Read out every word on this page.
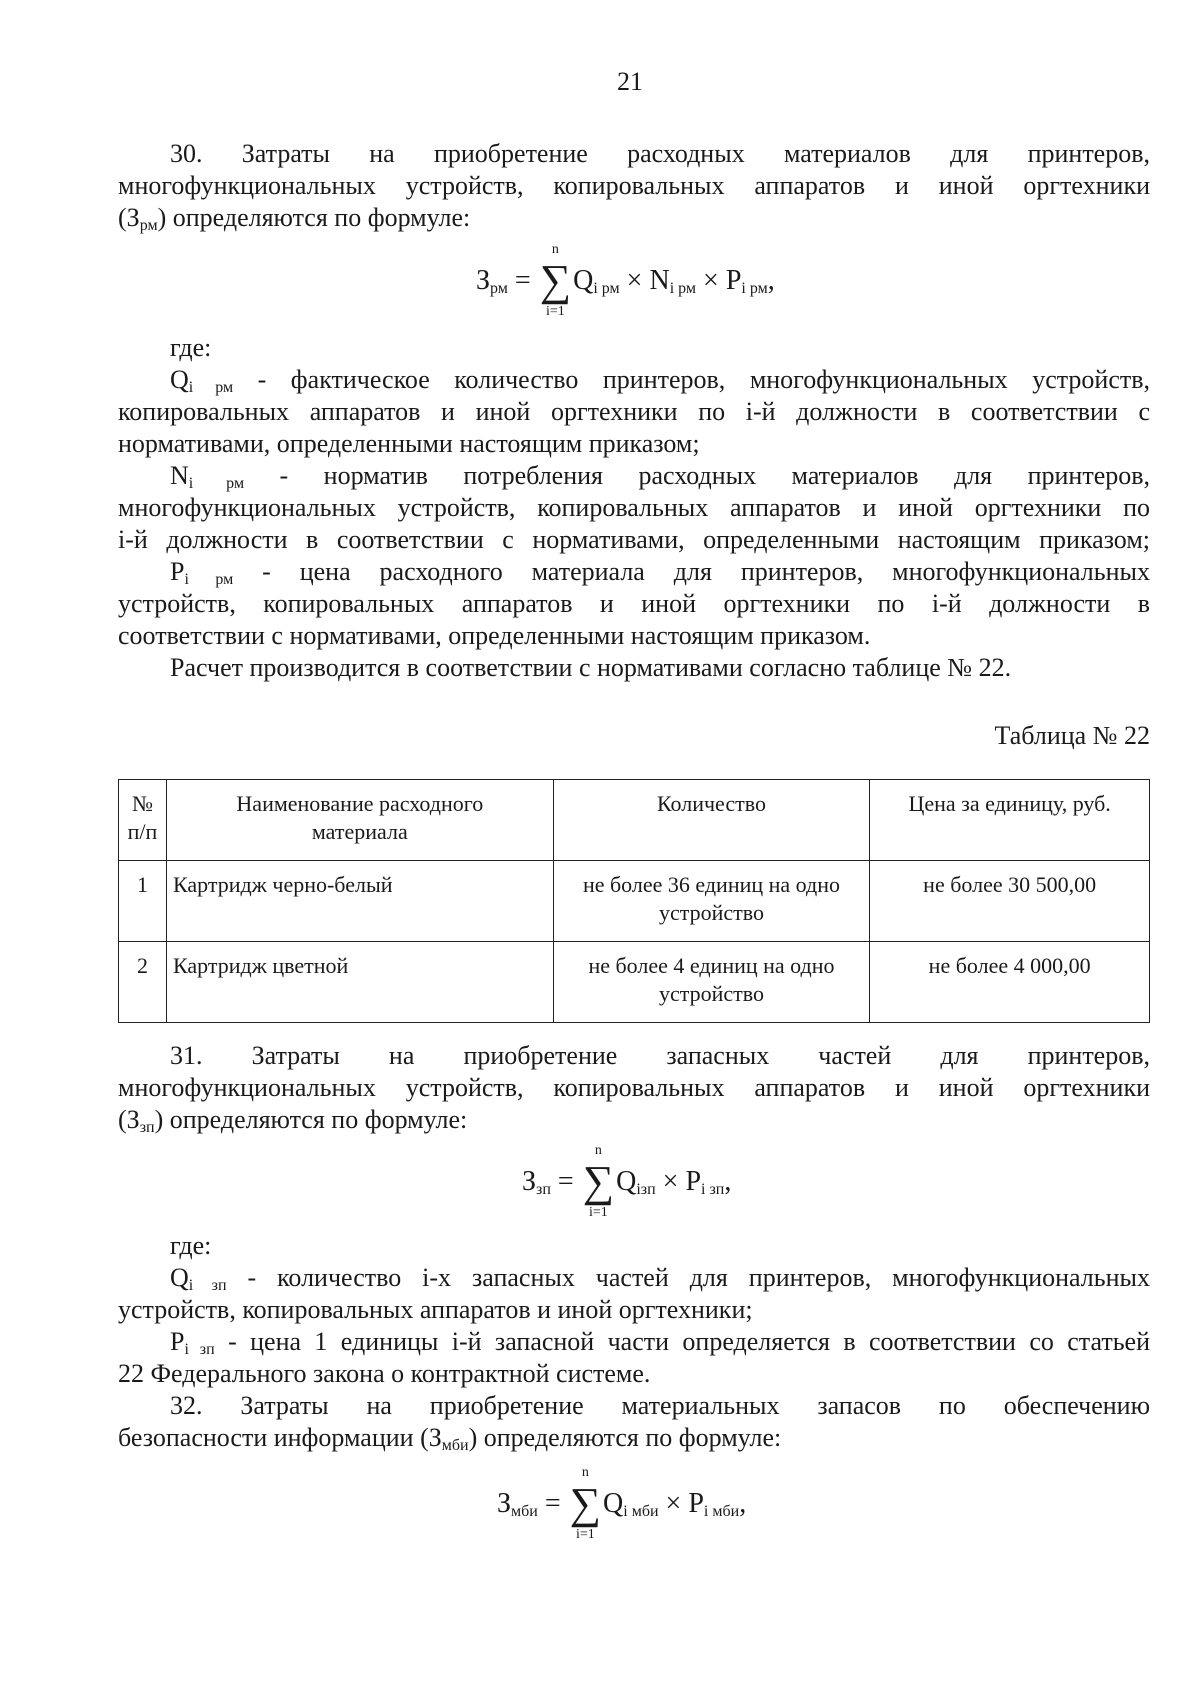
21
30. Затраты на приобретение расходных материалов для принтеров,
многофункциональных устройств, копировальных аппаратов и иной оргтехники
$(З_{рм})$ определяются по формуле:
$З_{рм}$ =
n
∑
i=1
$Q_{i рм} \times N_{i рм} \times P_{i рм}$,
где:
$Q_{i рм}$ - фактическое количество принтеров, многофункциональных устройств,
копировальных аппаратов и иной оргтехники по i-й должности в соответствии с
нормативами, определенными настоящим приказом;
$N_{i рм}$ - норматив потребления расходных материалов для принтеров,
многофункциональных устройств, копировальных аппаратов и иной оргтехники по
i-й должности в соответствии с нормативами, определенными настоящим приказом;
$P_{i рм}$ - цена расходного материала для принтеров, многофункциональных
устройств, копировальных аппаратов и иной оргтехники по i-й должности в
соответствии с нормативами, определенными настоящим приказом.
Расчет производится в соответствии с нормативами согласно таблице № 22.
Таблица № 22
№ п/п	Наименование расходного материала	Количество	Цена за единицу, руб.
1	Картридж черно-белый	не более 36 единиц на одно устройство	не более 30 500,00
2	Картридж цветной	не более 4 единиц на одно устройство	не более 4 000,00
31. Затраты на приобретение запасных частей для принтеров,
многофункциональных устройств, копировальных аппаратов и иной оргтехники
$(З_{зп})$ определяются по формуле:
$З_{зп}$ =
n
∑
i=1
$Q_{iзп} \times P_{i зп}$,
где:
$Q_{i зп}$ - количество i-х запасных частей для принтеров, многофункциональных
устройств, копировальных аппаратов и иной оргтехники;
$P_{i зп}$ - цена 1 единицы i-й запасной части определяется в соответствии со статьей
22 Федерального закона о контрактной системе.
32. Затраты на приобретение материальных запасов по обеспечению
безопасности информации $(З_{мби})$ определяются по формуле:
$З_{мби}$ =
n
∑
i=1
$Q_{i мби} \times P_{i мби}$,
